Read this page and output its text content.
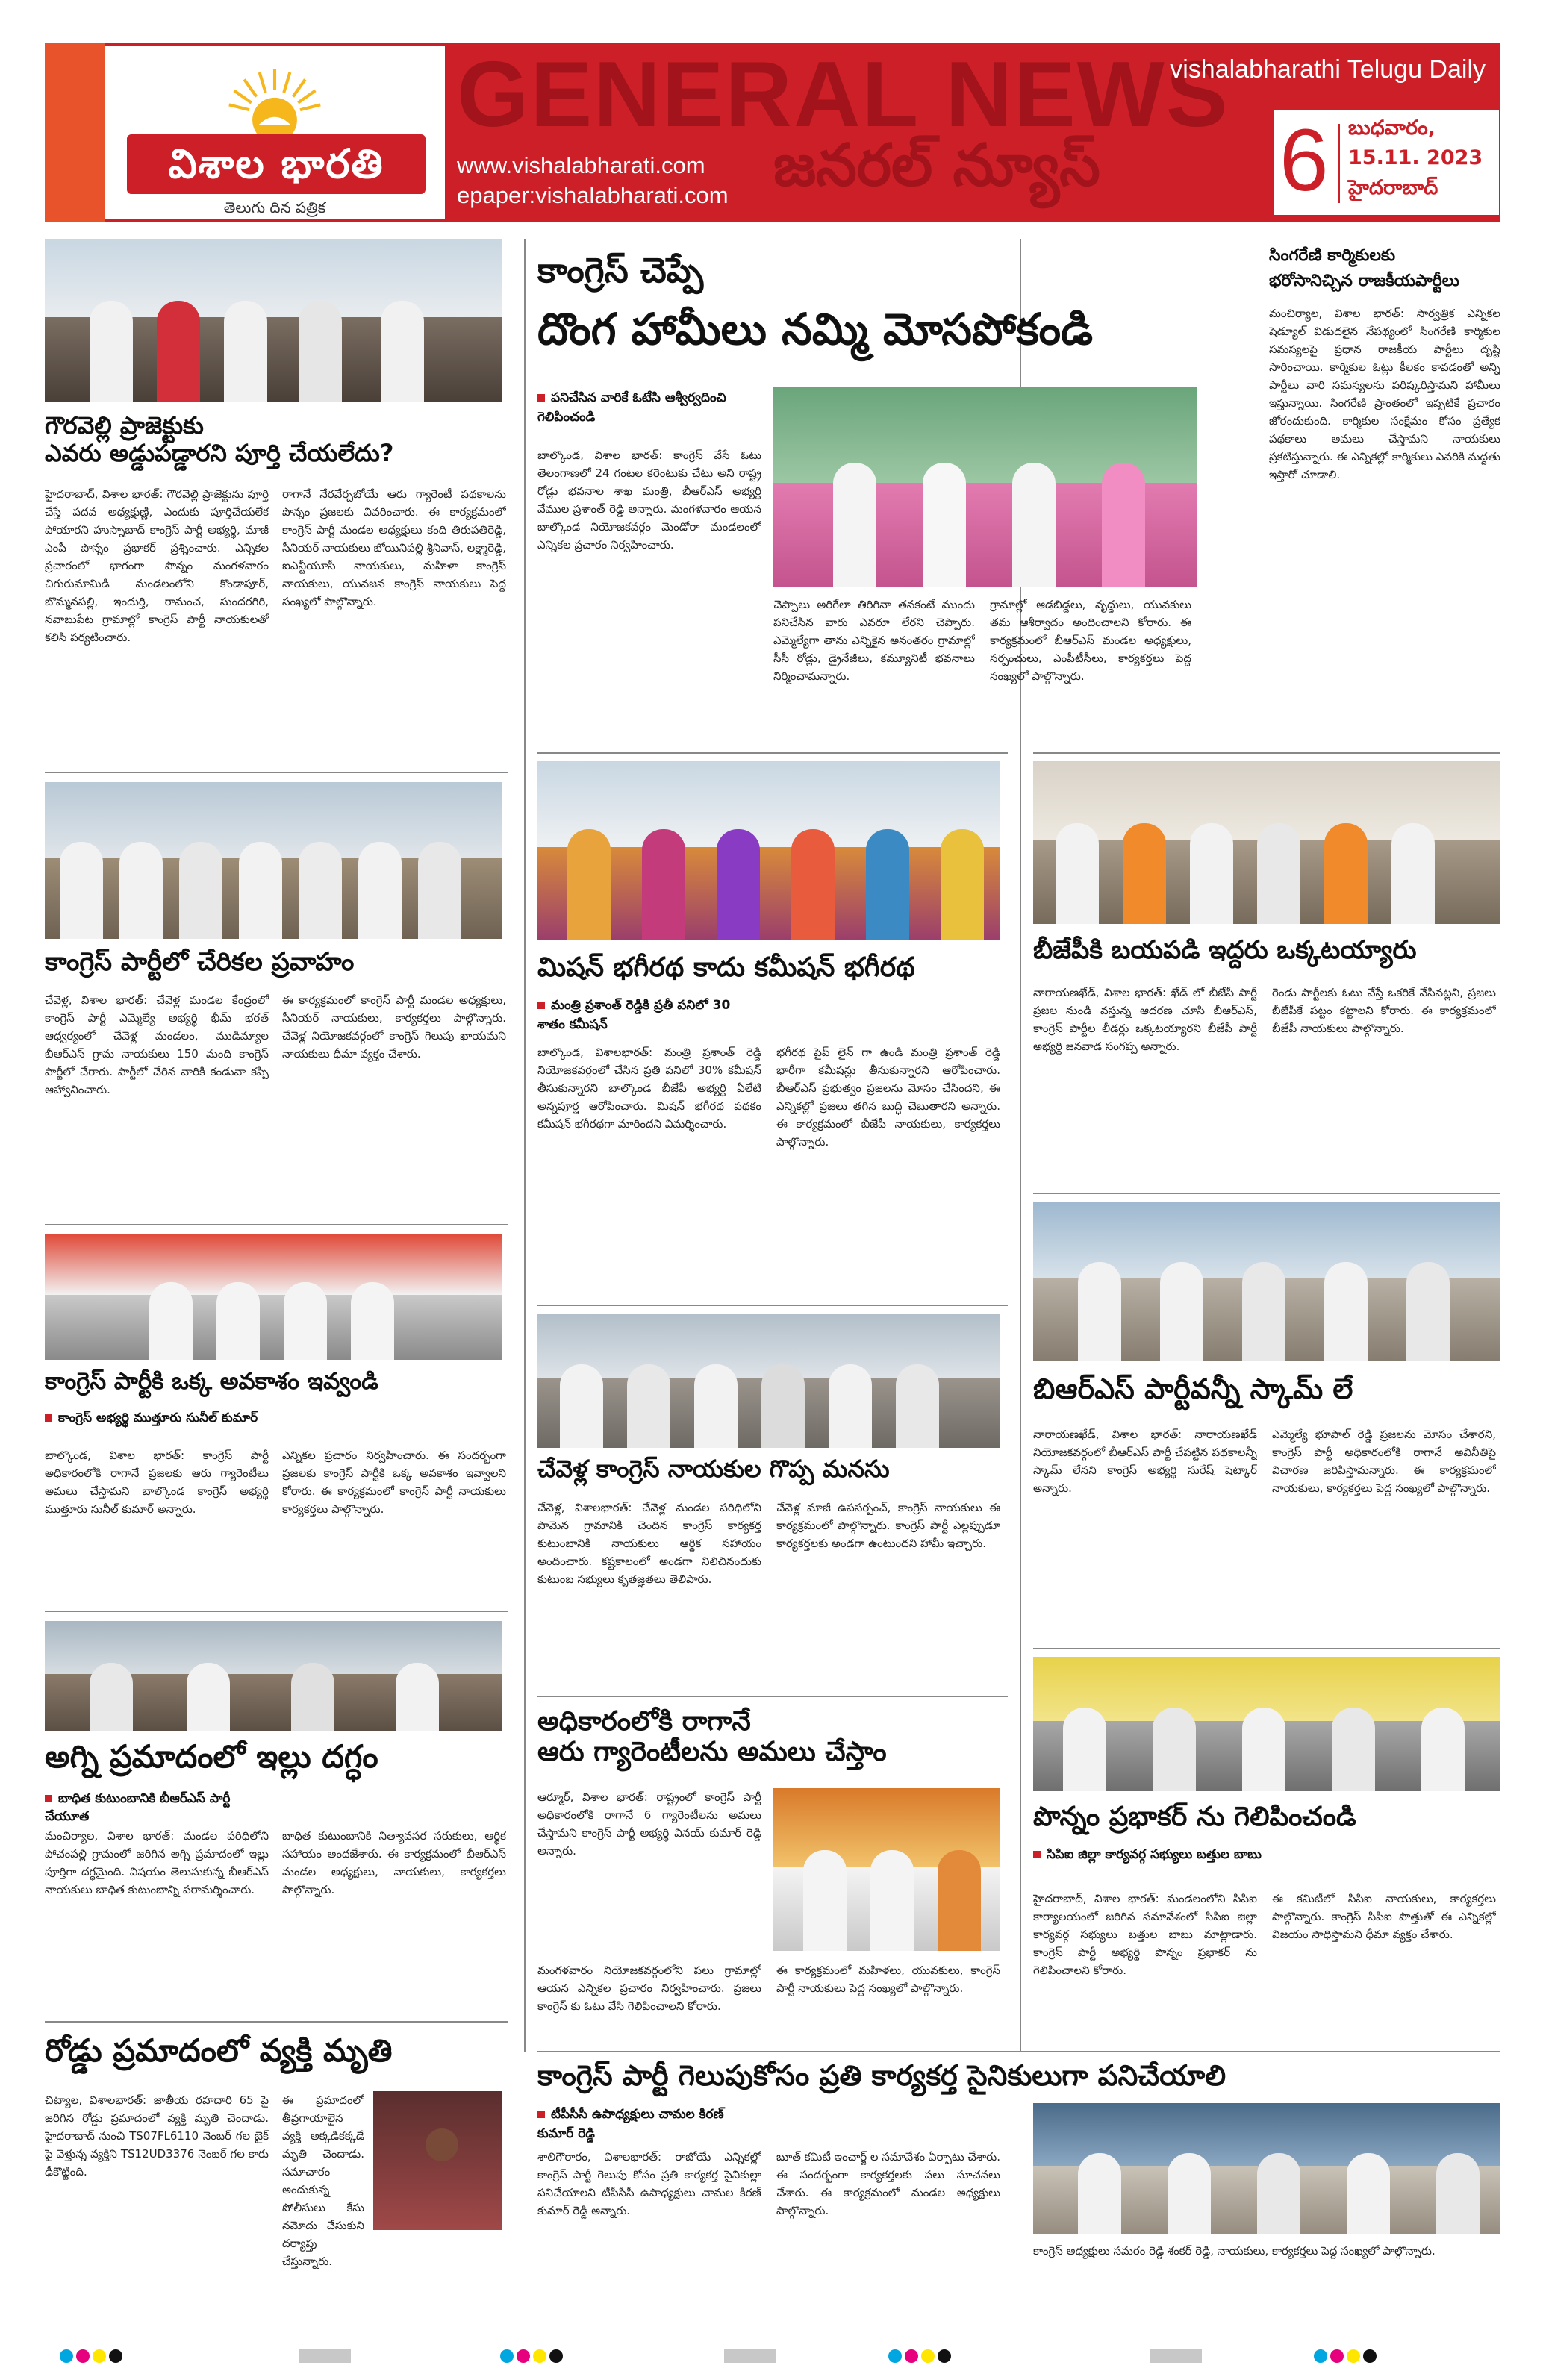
విశాల భారతి
తెలుగు దిన పత్రిక
GENERAL NEWS
www.vishalabharati.com
epaper:vishalabharati.com జనరల్ న్యూస్
vishalabharathi Telugu Daily
6 బుధవారం,
15.11. 2023
హైదరాబాద్
గౌరవెల్లి ప్రాజెక్టుకు
ఎవరు అడ్డుపడ్డారని పూర్తి చేయలేదు?
హైదరాబాద్, విశాల భారత్: గౌరవెల్లి ప్రాజెక్టును పూర్తి చేస్తే పదవ అధ్యక్షుణ్ణి, ఎందుకు పూర్తిచేయలేక పోయారని హుస్నాబాద్ కాంగ్రెస్ పార్టీ అభ్యర్థి, మాజీ ఎంపీ పొన్నం ప్రభాకర్ ప్రశ్నించారు. ఎన్నికల ప్రచారంలో భాగంగా పొన్నం మంగళవారం చిగురుమామిడి మండలంలోని కొండాపూర్, బొమ్మనపల్లి, ఇందుర్తి, రామంచ, సుందరగిరి, నవాబుపేట గ్రామాల్లో కాంగ్రెస్ పార్టీ నాయకులతో కలిసి పర్యటించారు.
రాగానే నేరవేర్చబోయే ఆరు గ్యారెంటీ పథకాలను పొన్నం ప్రజలకు వివరించారు. ఈ కార్యక్రమంలో కాంగ్రెస్ పార్టీ మండల అధ్యక్షులు కంది తిరుపతిరెడ్డి, సీనియర్ నాయకులు బోయినిపల్లి శ్రీనివాస్, లక్ష్మారెడ్డి, ఐఎన్టీయూసీ నాయకులు, మహిళా కాంగ్రెస్ నాయకులు, యువజన కాంగ్రెస్ నాయకులు పెద్ద సంఖ్యలో పాల్గొన్నారు.
కాంగ్రెస్ పార్టీలో చేరికల ప్రవాహం
చేవెళ్ల, విశాల భారత్: చేవెళ్ల మండల కేంద్రంలో కాంగ్రెస్ పార్టీ ఎమ్మెల్యే అభ్యర్థి భీమ్ భరత్ ఆధ్వర్యంలో చేవెళ్ల మండలం, ముడిమ్యాల బీఆర్ఎస్ గ్రామ నాయకులు 150 మంది కాంగ్రెస్ పార్టీలో చేరారు. పార్టీలో చేరిన వారికి కండువా కప్పి ఆహ్వానించారు.
ఈ కార్యక్రమంలో కాంగ్రెస్ పార్టీ మండల అధ్యక్షులు, సీనియర్ నాయకులు, కార్యకర్తలు పాల్గొన్నారు. చేవెళ్ల నియోజకవర్గంలో కాంగ్రెస్ గెలుపు ఖాయమని నాయకులు ధీమా వ్యక్తం చేశారు.
కాంగ్రెస్ పార్టీకి ఒక్క అవకాశం ఇవ్వండి
కాంగ్రెస్ అభ్యర్థి ముత్తూరు సునీల్ కుమార్
బాల్కొండ, విశాల భారత్: కాంగ్రెస్ పార్టీ అధికారంలోకి రాగానే ప్రజలకు ఆరు గ్యారెంటీలు అమలు చేస్తామని బాల్కొండ కాంగ్రెస్ అభ్యర్థి ముత్తూరు సునీల్ కుమార్ అన్నారు.
ఎన్నికల ప్రచారం నిర్వహించారు. ఈ సందర్భంగా ప్రజలకు కాంగ్రెస్ పార్టీకి ఒక్క అవకాశం ఇవ్వాలని కోరారు. ఈ కార్యక్రమంలో కాంగ్రెస్ పార్టీ నాయకులు కార్యకర్తలు పాల్గొన్నారు.
అగ్ని ప్రమాదంలో ఇల్లు దగ్ధం
బాధిత కుటుంబానికి బీఆర్ఎస్ పార్టీ చేయూత
మంచిర్యాల, విశాల భారత్: మండల పరిధిలోని పోచంపల్లి గ్రామంలో జరిగిన అగ్ని ప్రమాదంలో ఇల్లు పూర్తిగా దగ్ధమైంది. విషయం తెలుసుకున్న బీఆర్ఎస్ నాయకులు బాధిత కుటుంబాన్ని పరామర్శించారు.
బాధిత కుటుంబానికి నిత్యావసర సరుకులు, ఆర్థిక సహాయం అందజేశారు. ఈ కార్యక్రమంలో బీఆర్ఎస్ మండల అధ్యక్షులు, నాయకులు, కార్యకర్తలు పాల్గొన్నారు.
రోడ్డు ప్రమాదంలో వ్యక్తి మృతి
చిట్యాల, విశాలభారత్: జాతీయ రహదారి 65 పై జరిగిన రోడ్డు ప్రమాదంలో వ్యక్తి మృతి చెందాడు. హైదరాబాద్ నుంచి TS07FL6110 నెంబర్ గల బైక్ పై వెళ్తున్న వ్యక్తిని TS12UD3376 నెంబర్ గల కారు ఢీకొట్టింది.
ఈ ప్రమాదంలో తీవ్రగాయాలైన వ్యక్తి అక్కడికక్కడే మృతి చెందాడు. సమాచారం అందుకున్న పోలీసులు కేసు నమోదు చేసుకుని దర్యాప్తు చేస్తున్నారు.
కాంగ్రెస్ చెప్పే
దొంగ హామీలు నమ్మి మోసపోకండి
పనిచేసిన వారికే ఓటేసి ఆశ్వీర్వదించి గెలిపించండి
బాల్కొండ, విశాల భారత్: కాంగ్రెస్ వేసే ఓటు తెలంగాణలో 24 గంటల కరెంటుకు చేటు అని రాష్ట్ర రోడ్లు భవనాల శాఖ మంత్రి, బీఆర్ఎస్ అభ్యర్థి వేముల ప్రశాంత్ రెడ్డి అన్నారు. మంగళవారం ఆయన బాల్కొండ నియోజకవర్గం మెండోరా మండలంలో ఎన్నికల ప్రచారం నిర్వహించారు.
చెప్పాలు అరిగేలా తిరిగినా తనకంటే ముందు పనిచేసిన వారు ఎవరూ లేరని చెప్పారు. ఎమ్మెల్యేగా తాను ఎన్నికైన అనంతరం గ్రామాల్లో సీసీ రోడ్లు, డ్రైనేజీలు, కమ్యూనిటీ భవనాలు నిర్మించామన్నారు.
గ్రామాల్లో ఆడబిడ్డలు, వృద్ధులు, యువకులు తమ ఆశీర్వాదం అందించాలని కోరారు. ఈ కార్యక్రమంలో బీఆర్ఎస్ మండల అధ్యక్షులు, సర్పంచులు, ఎంపీటీసీలు, కార్యకర్తలు పెద్ద సంఖ్యలో పాల్గొన్నారు.
మిషన్ భగీరథ కాదు కమీషన్ భగీరథ
మంత్రి ప్రశాంత్ రెడ్డికి ప్రతీ పనిలో 30 శాతం కమీషన్
బాల్కొండ, విశాలభారత్: మంత్రి ప్రశాంత్ రెడ్డి నియోజకవర్గంలో చేసిన ప్రతి పనిలో 30% కమీషన్ తీసుకున్నారని బాల్కొండ బీజేపీ అభ్యర్థి ఏలేటి అన్నపూర్ణ ఆరోపించారు. మిషన్ భగీరథ పథకం కమీషన్ భగీరథగా మారిందని విమర్శించారు.
భగీరథ పైప్ లైన్ గా ఉండి మంత్రి ప్రశాంత్ రెడ్డి భారీగా కమీషన్లు తీసుకున్నారని ఆరోపించారు. బీఆర్ఎస్ ప్రభుత్వం ప్రజలను మోసం చేసిందని, ఈ ఎన్నికల్లో ప్రజలు తగిన బుద్ధి చెబుతారని అన్నారు. ఈ కార్యక్రమంలో బీజేపీ నాయకులు, కార్యకర్తలు పాల్గొన్నారు.
చేవెళ్ల కాంగ్రెస్ నాయకుల గొప్ప మనసు
చేవెళ్ల, విశాలభారత్: చేవెళ్ల మండల పరిధిలోని పామెన గ్రామానికి చెందిన కాంగ్రెస్ కార్యకర్త కుటుంబానికి నాయకులు ఆర్థిక సహాయం అందించారు. కష్టకాలంలో అండగా నిలిచినందుకు కుటుంబ సభ్యులు కృతజ్ఞతలు తెలిపారు.
చేవెళ్ల మాజీ ఉపసర్పంచ్, కాంగ్రెస్ నాయకులు ఈ కార్యక్రమంలో పాల్గొన్నారు. కాంగ్రెస్ పార్టీ ఎల్లప్పుడూ కార్యకర్తలకు అండగా ఉంటుందని హామీ ఇచ్చారు.
అధికారంలోకి రాగానే
ఆరు గ్యారెంటీలను అమలు చేస్తాం
ఆర్మూర్, విశాల భారత్: రాష్ట్రంలో కాంగ్రెస్ పార్టీ అధికారంలోకి రాగానే 6 గ్యారెంటీలను అమలు చేస్తామని కాంగ్రెస్ పార్టీ అభ్యర్థి వినయ్ కుమార్ రెడ్డి అన్నారు.
మంగళవారం నియోజకవర్గంలోని పలు గ్రామాల్లో ఆయన ఎన్నికల ప్రచారం నిర్వహించారు. ప్రజలు కాంగ్రెస్ కు ఓటు వేసి గెలిపించాలని కోరారు.
ఈ కార్యక్రమంలో మహిళలు, యువకులు, కాంగ్రెస్ పార్టీ నాయకులు పెద్ద సంఖ్యలో పాల్గొన్నారు.
సింగరేణి కార్మికులకు
భరోసానిచ్చిన రాజకీయపార్టీలు
మంచిర్యాల, విశాల భారత్: సార్వత్రిక ఎన్నికల షెడ్యూల్ విడుదలైన నేపథ్యంలో సింగరేణి కార్మికుల సమస్యలపై ప్రధాన రాజకీయ పార్టీలు దృష్టి సారించాయి. కార్మికుల ఓట్లు కీలకం కావడంతో అన్ని పార్టీలు వారి సమస్యలను పరిష్కరిస్తామని హామీలు ఇస్తున్నాయి. సింగరేణి ప్రాంతంలో ఇప్పటికే ప్రచారం జోరందుకుంది. కార్మికుల సంక్షేమం కోసం ప్రత్యేక పథకాలు అమలు చేస్తామని నాయకులు ప్రకటిస్తున్నారు. ఈ ఎన్నికల్లో కార్మికులు ఎవరికి మద్దతు ఇస్తారో చూడాలి.
బీజేపీకి బయపడి ఇద్దరు ఒక్కటయ్యారు
నారాయణఖేడ్, విశాల భారత్: ఖేడ్ లో బీజేపీ పార్టీ ప్రజల నుండి వస్తున్న ఆదరణ చూసి బీఆర్ఎస్, కాంగ్రెస్ పార్టీల లీడర్లు ఒక్కటయ్యారని బీజేపీ పార్టీ అభ్యర్థి జనవాడ సంగప్ప అన్నారు.
రెండు పార్టీలకు ఓటు వేస్తే ఒకరికే వేసినట్లని, ప్రజలు బీజేపీకే పట్టం కట్టాలని కోరారు. ఈ కార్యక్రమంలో బీజేపీ నాయకులు పాల్గొన్నారు.
బిఆర్ఎస్ పార్టీవన్నీ స్కామ్ లే
నారాయణఖేడ్, విశాల భారత్: నారాయణఖేడ్ నియోజకవర్గంలో బీఆర్ఎస్ పార్టీ చేపట్టిన పథకాలన్నీ స్కామ్ లేనని కాంగ్రెస్ అభ్యర్థి సురేష్ షెట్కార్ అన్నారు.
ఎమ్మెల్యే భూపాల్ రెడ్డి ప్రజలను మోసం చేశారని, కాంగ్రెస్ పార్టీ అధికారంలోకి రాగానే అవినీతిపై విచారణ జరిపిస్తామన్నారు. ఈ కార్యక్రమంలో నాయకులు, కార్యకర్తలు పెద్ద సంఖ్యలో పాల్గొన్నారు.
పొన్నం ప్రభాకర్ ను గెలిపించండి
సిపిఐ జిల్లా కార్యవర్గ సభ్యులు బత్తుల బాబు
హైదరాబాద్, విశాల భారత్: మండలంలోని సిపిఐ కార్యాలయంలో జరిగిన సమావేశంలో సిపిఐ జిల్లా కార్యవర్గ సభ్యులు బత్తుల బాబు మాట్లాడారు. కాంగ్రెస్ పార్టీ అభ్యర్థి పొన్నం ప్రభాకర్ ను గెలిపించాలని కోరారు.
ఈ కమిటీలో సిపిఐ నాయకులు, కార్యకర్తలు పాల్గొన్నారు. కాంగ్రెస్ సిపిఐ పొత్తుతో ఈ ఎన్నికల్లో విజయం సాధిస్తామని ధీమా వ్యక్తం చేశారు.
కాంగ్రెస్ పార్టీ గెలుపుకోసం ప్రతి కార్యకర్త సైనికులుగా పనిచేయాలి
టీపీసీసీ ఉపాధ్యక్షులు చామల కిరణ్ కుమార్ రెడ్డి
శాలిగౌరారం, విశాలభారత్: రాబోయే ఎన్నికల్లో కాంగ్రెస్ పార్టీ గెలుపు కోసం ప్రతి కార్యకర్త సైనికుల్లా పనిచేయాలని టీపీసీసీ ఉపాధ్యక్షులు చామల కిరణ్ కుమార్ రెడ్డి అన్నారు.
బూత్ కమిటీ ఇంచార్జ్ ల సమావేశం ఏర్పాటు చేశారు. ఈ సందర్భంగా కార్యకర్తలకు పలు సూచనలు చేశారు. ఈ కార్యక్రమంలో మండల అధ్యక్షులు పాల్గొన్నారు.
కాంగ్రెస్ అధ్యక్షులు సమరం రెడ్డి శంకర్ రెడ్డి, నాయకులు, కార్యకర్తలు పెద్ద సంఖ్యలో పాల్గొన్నారు.
